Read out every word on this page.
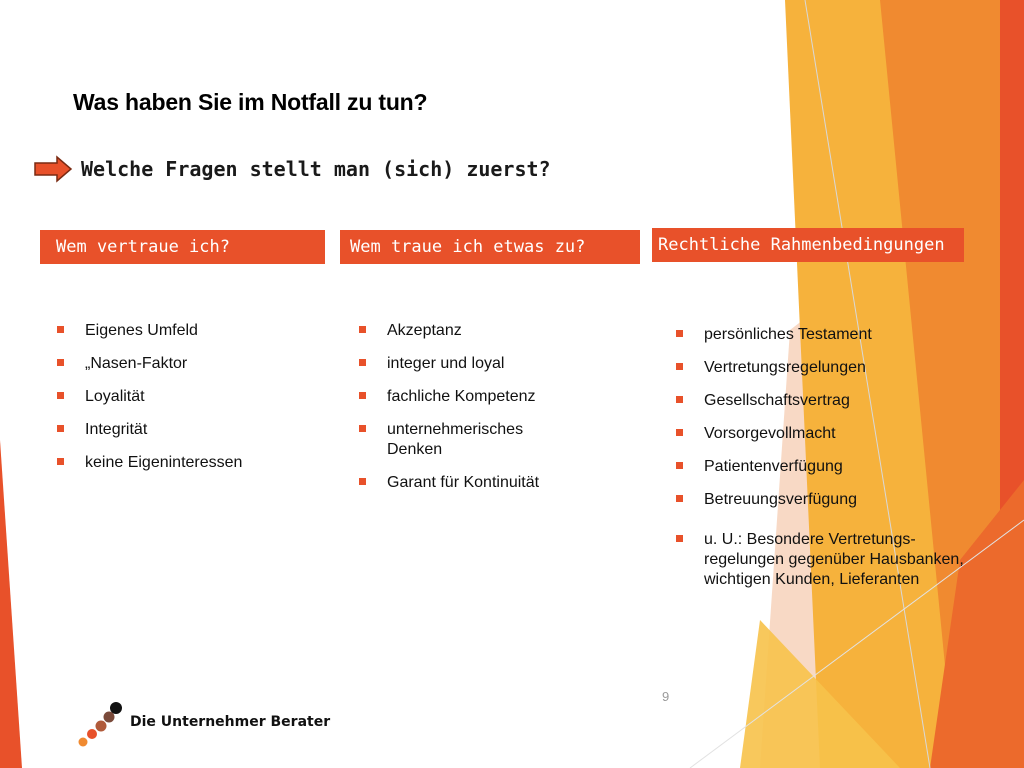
Was haben Sie im Notfall zu tun?
Welche Fragen stellt man (sich) zuerst?
Wem vertraue ich?	Wem traue ich etwas zu?	Rechtliche Rahmenbedingungen
Eigenes Umfeld
„Nasen-Faktor
Loyalität
Integrität
keine Eigeninteressen
Akzeptanz
integer und loyal
fachliche Kompetenz
unternehmerisches Denken
Garant für Kontinuität
persönliches Testament
Vertretungsregelungen
Gesellschaftsvertrag
Vorsorgevollmacht
Patientenverfügung
Betreuungsverfügung
u. U.: Besondere Vertretungs-regelungen gegenüber Hausbanken, wichtigen Kunden, Lieferanten
9
Die Unternehmer Berater
